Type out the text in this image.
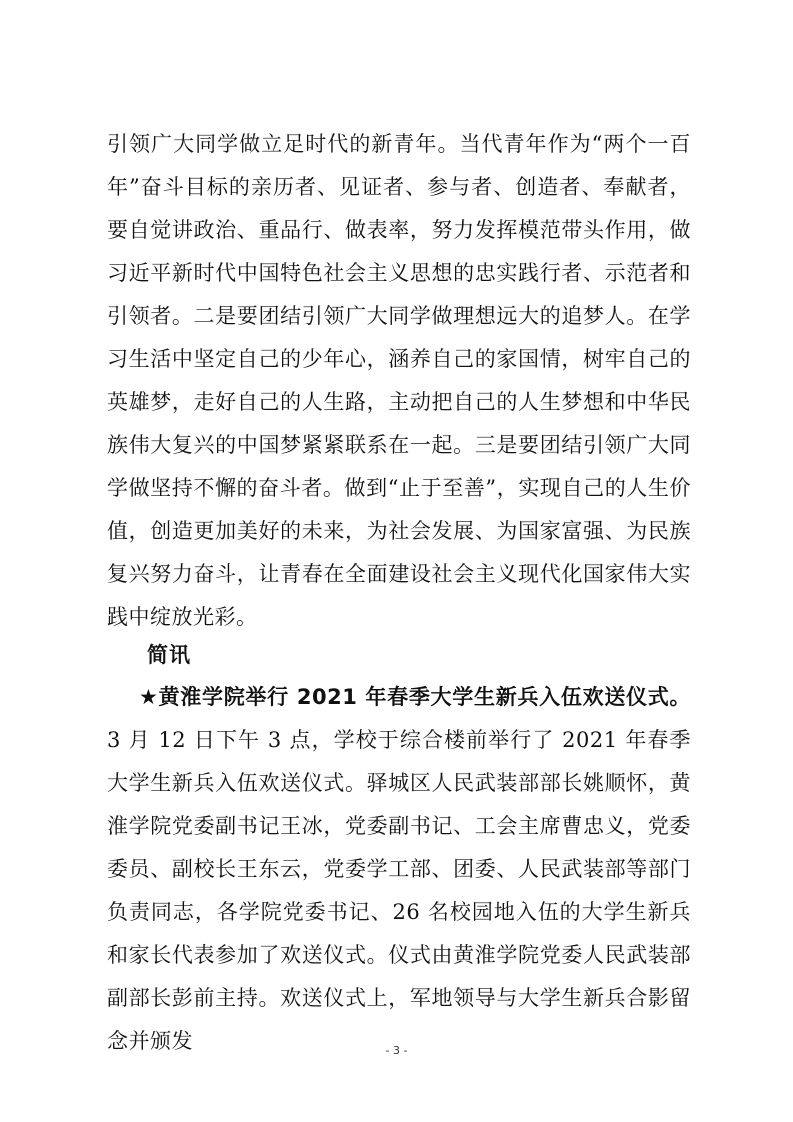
引领广大同学做立足时代的新青年。当代青年作为“两个一百年”奋斗目标的亲历者、见证者、参与者、创造者、奉献者，要自觉讲政治、重品行、做表率，努力发挥模范带头作用，做习近平新时代中国特色社会主义思想的忠实践行者、示范者和引领者。二是要团结引领广大同学做理想远大的追梦人。在学习生活中坚定自己的少年心，涵养自己的家国情，树牢自己的英雄梦，走好自己的人生路，主动把自己的人生梦想和中华民族伟大复兴的中国梦紧紧联系在一起。三是要团结引领广大同学做坚持不懈的奋斗者。做到“止于至善”，实现自己的人生价值，创造更加美好的未来，为社会发展、为国家富强、为民族复兴努力奋斗，让青春在全面建设社会主义现代化国家伟大实践中绽放光彩。

简讯

★黄淮学院举行 2021 年春季大学生新兵入伍欢送仪式。3 月 12 日下午 3 点，学校于综合楼前举行了 2021 年春季大学生新兵入伍欢送仪式。驿城区人民武装部部长姚顺怀，黄淮学院党委副书记王冰，党委副书记、工会主席曹忠义，党委委员、副校长王东云，党委学工部、团委、人民武装部等部门负责同志，各学院党委书记、26 名校园地入伍的大学生新兵和家长代表参加了欢送仪式。仪式由黄淮学院党委人民武装部副部长彭前主持。欢送仪式上，军地领导与大学生新兵合影留念并颁发	- 3 -
